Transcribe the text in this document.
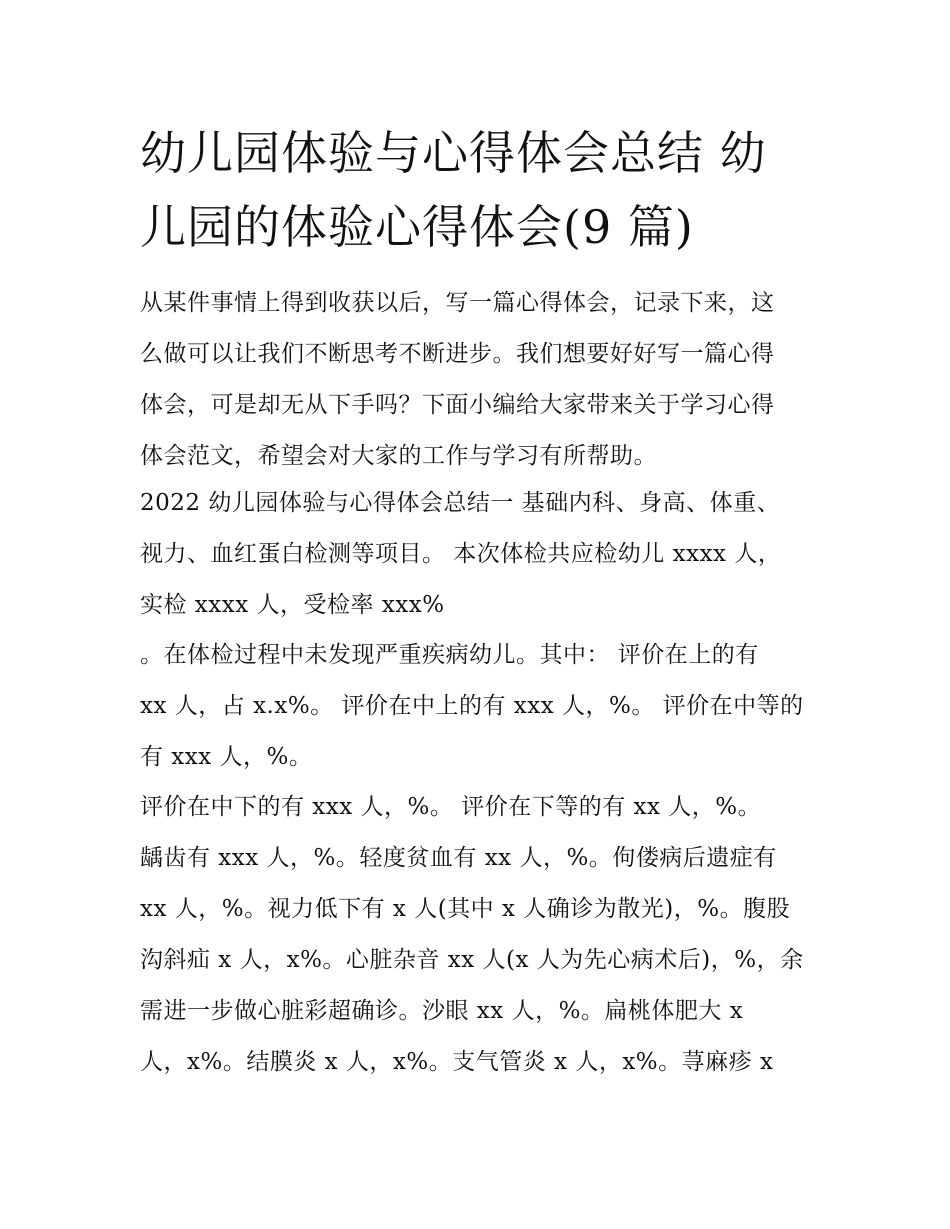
幼儿园体验与心得体会总结 幼
儿园的体验心得体会(9 篇)

从某件事情上得到收获以后，写一篇心得体会，记录下来，这
么做可以让我们不断思考不断进步。我们想要好好写一篇心得
体会，可是却无从下手吗？下面小编给大家带来关于学习心得
体会范文，希望会对大家的工作与学习有所帮助。

2022 幼儿园体验与心得体会总结一 基础内科、身高、体重、
视力、血红蛋白检测等项目。 本次体检共应检幼儿 xxxx 人，
实检 xxxx 人，受检率 xxx%

。在体检过程中未发现严重疾病幼儿。其中： 评价在上的有
xx 人，占 x.x%。 评价在中上的有 xxx 人，%。 评价在中等的
有 xxx 人，%。

评价在中下的有 xxx 人，%。 评价在下等的有 xx 人，%。
龋齿有 xxx 人，%。轻度贫血有 xx 人，%。佝偻病后遗症有
xx 人，%。视力低下有 x 人(其中 x 人确诊为散光)，%。腹股
沟斜疝 x 人，x%。心脏杂音 xx 人(x 人为先心病术后)，%，余
需进一步做心脏彩超确诊。沙眼 xx 人，%。扁桃体肥大 x
人，x%。结膜炎 x 人，x%。支气管炎 x 人，x%。荨麻疹 x
